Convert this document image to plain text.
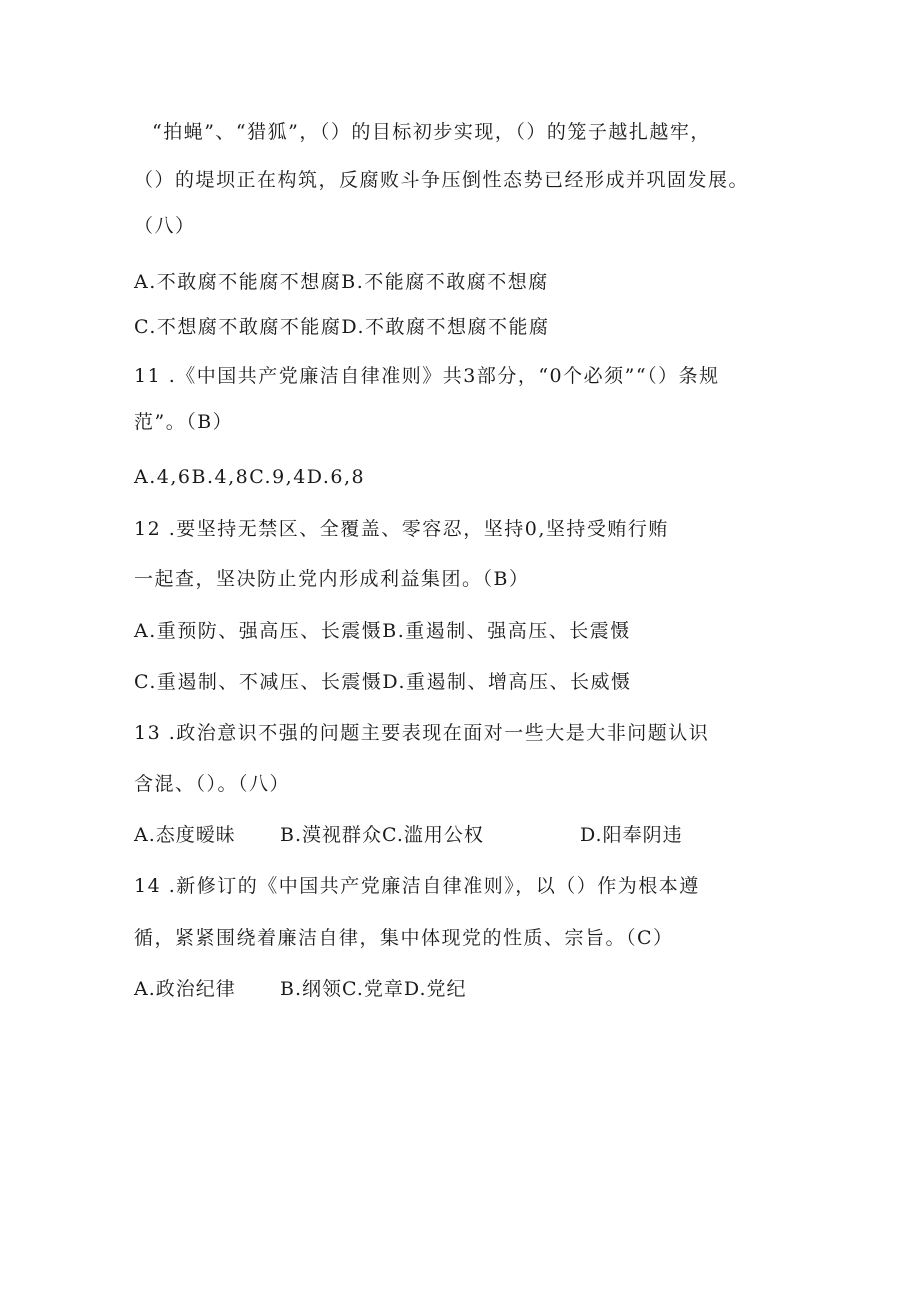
“拍蝇”、“猎狐”，（）的目标初步实现，（）的笼子越扎越牢，
（）的堤坝正在构筑，反腐败斗争压倒性态势已经形成并巩固发展。
（八）
A.不敢腐不能腐不想腐B.不能腐不敢腐不想腐
C.不想腐不敢腐不能腐D.不敢腐不想腐不能腐
11 .《中国共产党廉洁自律准则》共3部分，“0个必须”“（）条规
范”。（B）
A.4,6B.4,8C.9,4D.6,8
12 .要坚持无禁区、全覆盖、零容忍，坚持0,坚持受贿行贿
一起查，坚决防止党内形成利益集团。（B）
A.重预防、强高压、长震慑B.重遏制、强高压、长震慑
C.重遏制、不减压、长震慑D.重遏制、增高压、长威慑
13 .政治意识不强的问题主要表现在面对一些大是大非问题认识
含混、（）。（八）

A.态度暧昧

B.漠视群众C.滥用公权

	D.阳奉阴违

14 .新修订的《中国共产党廉洁自律准则》，以（）作为根本遵
循，紧紧围绕着廉洁自律，集中体现党的性质、宗旨。（C）

A.政治纪律

B.纲领C.党章D.党纪
